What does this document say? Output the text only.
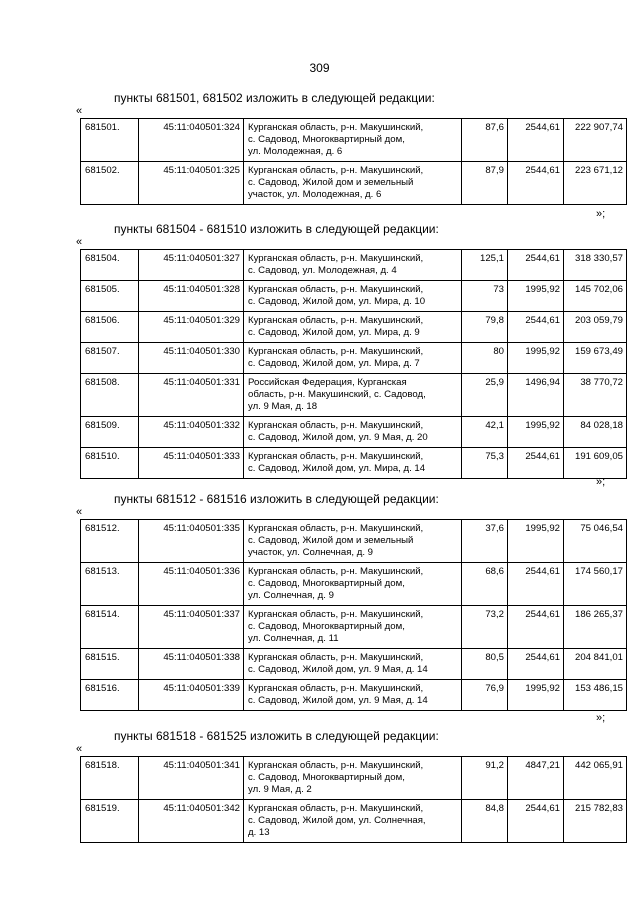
309
пункты 681501, 681502 изложить в следующей редакции:
«
681501.	45:11:040501:324	Курганская область, р-н. Макушинский,
с. Садовод, Многоквартирный дом,
ул. Молодежная, д. 6	87,6	2544,61	222 907,74
681502.	45:11:040501:325	Курганская область, р-н. Макушинский,
с. Садовод, Жилой дом и земельный
участок, ул. Молодежная, д. 6	87,9	2544,61	223 671,12
»;
пункты 681504 - 681510 изложить в следующей редакции:
«
681504.	45:11:040501:327	Курганская область, р-н. Макушинский,
с. Садовод, ул. Молодежная, д. 4	125,1	2544,61	318 330,57
681505.	45:11:040501:328	Курганская область, р-н. Макушинский,
с. Садовод, Жилой дом, ул. Мира, д. 10	73	1995,92	145 702,06
681506.	45:11:040501:329	Курганская область, р-н. Макушинский,
с. Садовод, Жилой дом, ул. Мира, д. 9	79,8	2544,61	203 059,79
681507.	45:11:040501:330	Курганская область, р-н. Макушинский,
с. Садовод, Жилой дом, ул. Мира, д. 7	80	1995,92	159 673,49
681508.	45:11:040501:331	Российская Федерация, Курганская
область, р-н. Макушинский, с. Садовод,
ул. 9 Мая, д. 18	25,9	1496,94	38 770,72
681509.	45:11:040501:332	Курганская область, р-н. Макушинский,
с. Садовод, Жилой дом, ул. 9 Мая, д. 20	42,1	1995,92	84 028,18
681510.	45:11:040501:333	Курганская область, р-н. Макушинский,
с. Садовод, Жилой дом, ул. Мира, д. 14	75,3	2544,61	191 609,05
»;
пункты 681512 - 681516 изложить в следующей редакции:
«
681512.	45:11:040501:335	Курганская область, р-н. Макушинский,
с. Садовод, Жилой дом и земельный
участок, ул. Солнечная, д. 9	37,6	1995,92	75 046,54
681513.	45:11:040501:336	Курганская область, р-н. Макушинский,
с. Садовод, Многоквартирный дом,
ул. Солнечная, д. 9	68,6	2544,61	174 560,17
681514.	45:11:040501:337	Курганская область, р-н. Макушинский,
с. Садовод, Многоквартирный дом,
ул. Солнечная, д. 11	73,2	2544,61	186 265,37
681515.	45:11:040501:338	Курганская область, р-н. Макушинский,
с. Садовод, Жилой дом, ул. 9 Мая, д. 14	80,5	2544,61	204 841,01
681516.	45:11:040501:339	Курганская область, р-н. Макушинский,
с. Садовод, Жилой дом, ул. 9 Мая, д. 14	76,9	1995,92	153 486,15
»;
пункты 681518 - 681525 изложить в следующей редакции:
«
681518.	45:11:040501:341	Курганская область, р-н. Макушинский,
с. Садовод, Многоквартирный дом,
ул. 9 Мая, д. 2	91,2	4847,21	442 065,91
681519.	45:11:040501:342	Курганская область, р-н. Макушинский,
с. Садовод, Жилой дом, ул. Солнечная,
д. 13	84,8	2544,61	215 782,83
